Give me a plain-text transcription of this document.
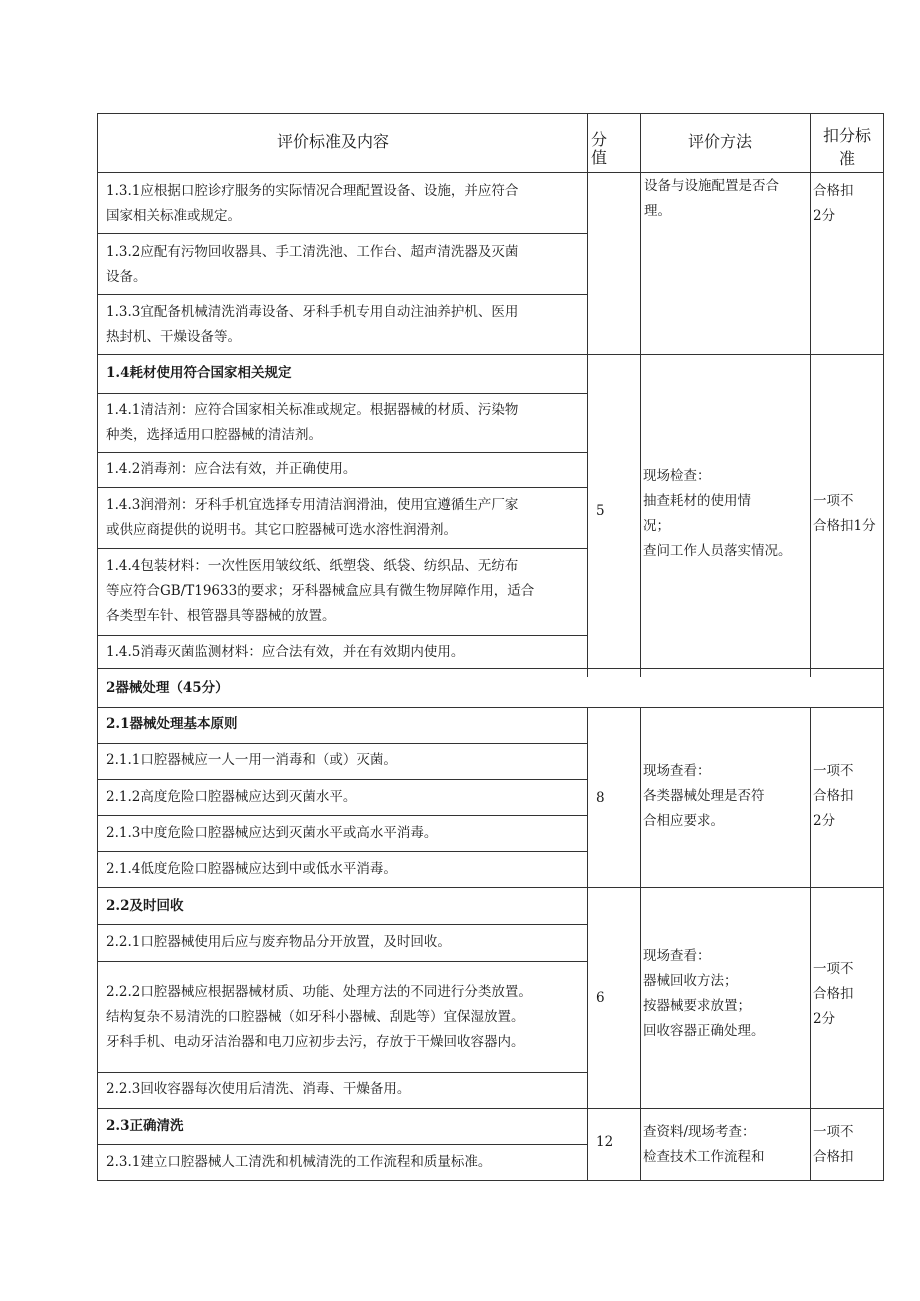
评价标准及内容	分
值
评价方法	扣分标
准
1.3.1应根据口腔诊疗服务的实际情况合理配置设备、设施，并应符合
国家相关标准或规定。
1.3.2应配有污物回收器具、手工清洗池、工作台、超声清洗器及灭菌
设备。
1.3.3宜配备机械清洗消毒设备、牙科手机专用自动注油养护机、医用
热封机、干燥设备等。
设备与设施配置是否合
理。
合格扣
2分
1.4耗材使用符合国家相关规定
1.4.1清洁剂：应符合国家相关标准或规定。根据器械的材质、污染物
种类，选择适用口腔器械的清洁剂。
1.4.2消毒剂：应合法有效，并正确使用。
1.4.3润滑剂：牙科手机宜选择专用清洁润滑油，使用宜遵循生产厂家
或供应商提供的说明书。其它口腔器械可选水溶性润滑剂。
1.4.4包装材料：一次性医用皱纹纸、纸塑袋、纸袋、纺织品、无纺布
等应符合GB/T19633的要求；牙科器械盒应具有微生物屏障作用，适合
各类型车针、根管器具等器械的放置。
1.4.5消毒灭菌监测材料：应合法有效，并在有效期内使用。
5
现场检查：
抽查耗材的使用情
况；
查问工作人员落实情况。
一项不
合格扣1分
2器械处理（45分）
2.1器械处理基本原则
2.1.1口腔器械应一人一用一消毒和（或）灭菌。
2.1.2高度危险口腔器械应达到灭菌水平。
2.1.3中度危险口腔器械应达到灭菌水平或高水平消毒。
2.1.4低度危险口腔器械应达到中或低水平消毒。
8
现场查看：
各类器械处理是否符
合相应要求。
一项不
合格扣
2分
2.2及时回收
2.2.1口腔器械使用后应与废弃物品分开放置，及时回收。
2.2.2口腔器械应根据器械材质、功能、处理方法的不同进行分类放置。
结构复杂不易清洗的口腔器械（如牙科小器械、刮匙等）宜保湿放置。
牙科手机、电动牙洁治器和电刀应初步去污，存放于干燥回收容器内。
2.2.3回收容器每次使用后清洗、消毒、干燥备用。
6
现场查看：
器械回收方法；
按器械要求放置；
回收容器正确处理。
一项不
合格扣
2分
2.3正确清洗
2.3.1建立口腔器械人工清洗和机械清洗的工作流程和质量标准。
12
查资料/现场考查：
检查技术工作流程和
一项不
合格扣
